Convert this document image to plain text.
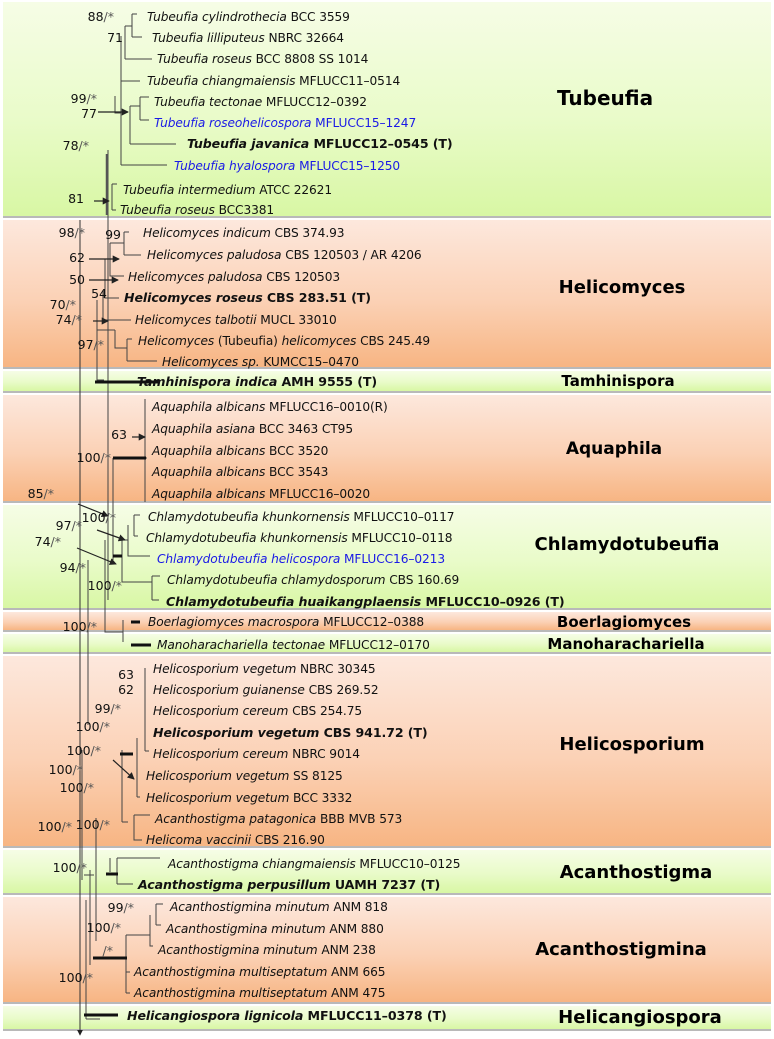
Tubeufia
Helicomyces
Tamhinispora
Aquaphila
Chlamydotubeufia
Boerlagiomyces
Manoharachariella
Helicosporium
Acanthostigma
Acanthostigmina
Helicangiospora
Tubeufia cylindrothecia BCC 3559
Tubeufia lilliputeus NBRC 32664
Tubeufia roseus BCC 8808 SS 1014
Tubeufia chiangmaiensis MFLUCC11–0514
Tubeufia tectonae MFLUCC12–0392
Tubeufia roseohelicospora MFLUCC15–1247
Tubeufia javanica MFLUCC12–0545 (T)
Tubeufia hyalospora MFLUCC15–1250
Tubeufia intermedium ATCC 22621
Tubeufia roseus BCC3381
Helicomyces indicum CBS 374.93
Helicomyces paludosa CBS 120503 / AR 4206
Helicomyces paludosa CBS 120503
Helicomyces roseus CBS 283.51 (T)
Helicomyces talbotii MUCL 33010
Helicomyces (Tubeufia) helicomyces CBS 245.49
Helicomyces sp. KUMCC15–0470
Tamhinispora indica AMH 9555 (T)
Aquaphila albicans MFLUCC16–0010(R)
Aquaphila asiana BCC 3463 CT95
Aquaphila albicans BCC 3520
Aquaphila albicans BCC 3543
Aquaphila albicans MFLUCC16–0020
Chlamydotubeufia khunkornensis MFLUCC10–0117
Chlamydotubeufia khunkornensis MFLUCC10–0118
Chlamydotubeufia helicospora MFLUCC16–0213
Chlamydotubeufia chlamydosporum CBS 160.69
Chlamydotubeufia huaikangplaensis MFLUCC10–0926 (T)
Boerlagiomyces macrospora MFLUCC12–0388
Manoharachariella tectonae MFLUCC12–0170
Helicosporium vegetum NBRC 30345
Helicosporium guianense CBS 269.52
Helicosporium cereum CBS 254.75
Helicosporium vegetum CBS 941.72 (T)
Helicosporium cereum NBRC 9014
Helicosporium vegetum SS 8125
Helicosporium vegetum BCC 3332
Acanthostigma patagonica BBB MVB 573
Helicoma vaccinii CBS 216.90
Acanthostigma chiangmaiensis MFLUCC10–0125
Acanthostigma perpusillum UAMH 7237 (T)
Acanthostigmina minutum ANM 818
Acanthostigmina minutum ANM 880
Acanthostigmina minutum ANM 238
Acanthostigmina multiseptatum ANM 665
Acanthostigmina multiseptatum ANM 475
Helicangiospora lignicola MFLUCC11–0378 (T)
88/*
71
99/*
77
78/*
81
98/* 99
62
50
54
70/*
74/*
97/*
63
100/*
85/*
100/*
97/*
74/*
94/*
100/*
100/*
63
62
99/*
100/*
100/*
100/*
100/*
100/*
100/*
100/*
99/*
100/*
/*
100/*
